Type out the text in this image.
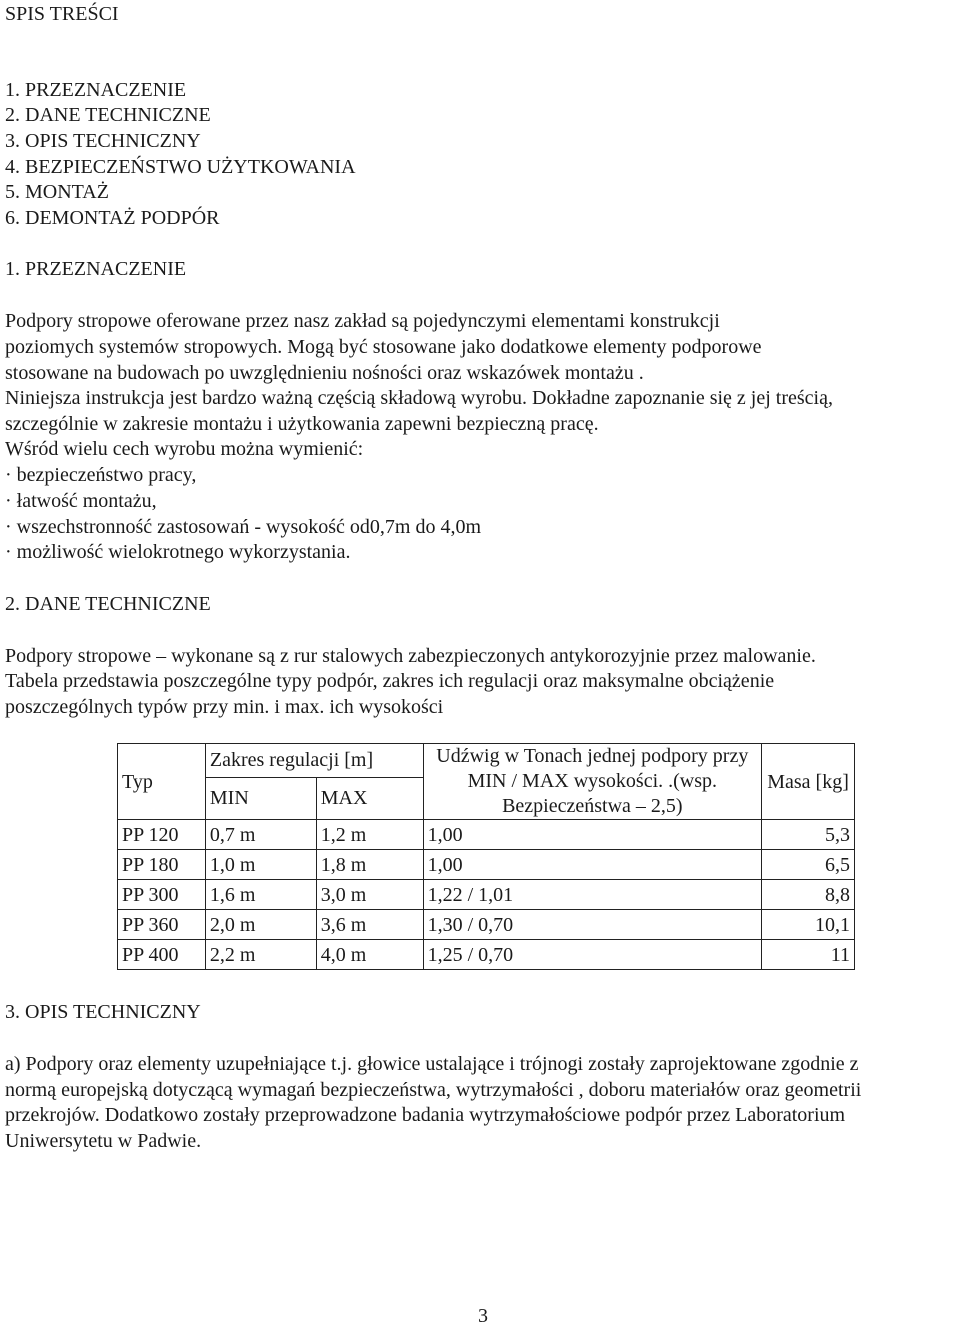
SPIS TREŚCI
1. PRZEZNACZENIE
2. DANE TECHNICZNE
3. OPIS TECHNICZNY
4. BEZPIECZEŃSTWO UŻYTKOWANIA
5. MONTAŻ
6. DEMONTAŻ PODPÓR
1. PRZEZNACZENIE
Podpory stropowe oferowane przez nasz zakład są pojedynczymi elementami konstrukcji
poziomych systemów stropowych. Mogą być stosowane jako dodatkowe elementy podporowe
stosowane na budowach po uwzględnieniu nośności oraz wskazówek montażu .
Niniejsza instrukcja jest bardzo ważną częścią składową wyrobu. Dokładne zapoznanie się z jej treścią,
szczególnie w zakresie montażu i użytkowania zapewni bezpieczną pracę.
Wśród wielu cech wyrobu można wymienić:
· bezpieczeństwo pracy,
· łatwość montażu,
· wszechstronność zastosowań - wysokość od0,7m do 4,0m
· możliwość wielokrotnego wykorzystania.
2. DANE TECHNICZNE
Podpory stropowe – wykonane są z rur stalowych zabezpieczonych antykorozyjnie przez malowanie.
Tabela przedstawia poszczególne typy podpór, zakres ich regulacji oraz maksymalne obciążenie
poszczególnych typów przy min. i max. ich wysokości
Typ	Zakres regulacji [m]		Udźwig w Tonach jednej podpory przy MIN / MAX wysokości. .(wsp. Bezpieczeństwa – 2,5)	Masa [kg]
	MIN	MAX		
PP 120	0,7 m	1,2 m	1,00	5,3
PP 180	1,0 m	1,8 m	1,00	6,5
PP 300	1,6 m	3,0 m	1,22 / 1,01	8,8
PP 360	2,0 m	3,6 m	1,30 / 0,70	10,1
PP 400	2,2 m	4,0 m	1,25 / 0,70	11
3. OPIS TECHNICZNY
a) Podpory oraz elementy uzupełniające t.j. głowice ustalające i trójnogi zostały zaprojektowane zgodnie z
normą europejską dotyczącą wymagań bezpieczeństwa, wytrzymałości , doboru materiałów oraz geometrii
przekrojów. Dodatkowo zostały przeprowadzone badania wytrzymałościowe podpór przez Laboratorium
Uniwersytetu w Padwie.
3
